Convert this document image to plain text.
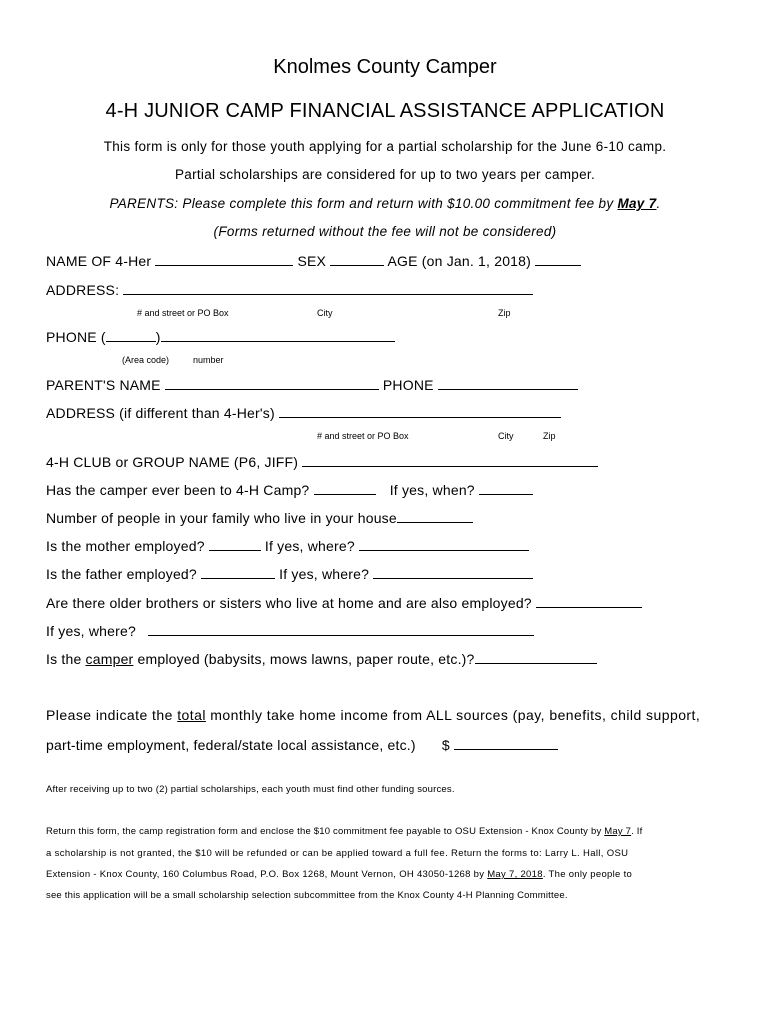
Knolmes County Camper
4-H JUNIOR CAMP FINANCIAL ASSISTANCE APPLICATION
This form is only for those youth applying for a partial scholarship for the June 6-10 camp.
Partial scholarships are considered for up to two years per camper.
PARENTS: Please complete this form and return with $10.00 commitment fee by May 7.
(Forms returned without the fee will not be considered)
NAME OF 4-Her	SEX	AGE (on Jan. 1, 2018)
ADDRESS:
# and street or PO Box	City	Zip
PHONE (	)
(Area code)	number
PARENT'S NAME	PHONE
ADDRESS (if different than 4-Her's)
# and street or PO Box	City	Zip
4-H CLUB or GROUP NAME (P6, JIFF)
Has the camper ever been to 4-H Camp?	If yes, when?
Number of people in your family who live in your house
Is the mother employed?	If yes, where?
Is the father employed?	If yes, where?
Are there older brothers or sisters who live at home and are also employed?
If yes, where?
Is the camper employed (babysits, mows lawns, paper route, etc.)?
Please indicate the total monthly take home income from ALL sources (pay, benefits, child support,
part-time employment, federal/state local assistance, etc.) $
After receiving up to two (2) partial scholarships, each youth must find other funding sources.
Return this form, the camp registration form and enclose the $10 commitment fee payable to OSU Extension - Knox County by May 7. If
a scholarship is not granted, the $10 will be refunded or can be applied toward a full fee. Return the forms to: Larry L. Hall, OSU
Extension - Knox County, 160 Columbus Road, P.O. Box 1268, Mount Vernon, OH 43050-1268 by May 7, 2018. The only people to
see this application will be a small scholarship selection subcommittee from the Knox County 4-H Planning Committee.
